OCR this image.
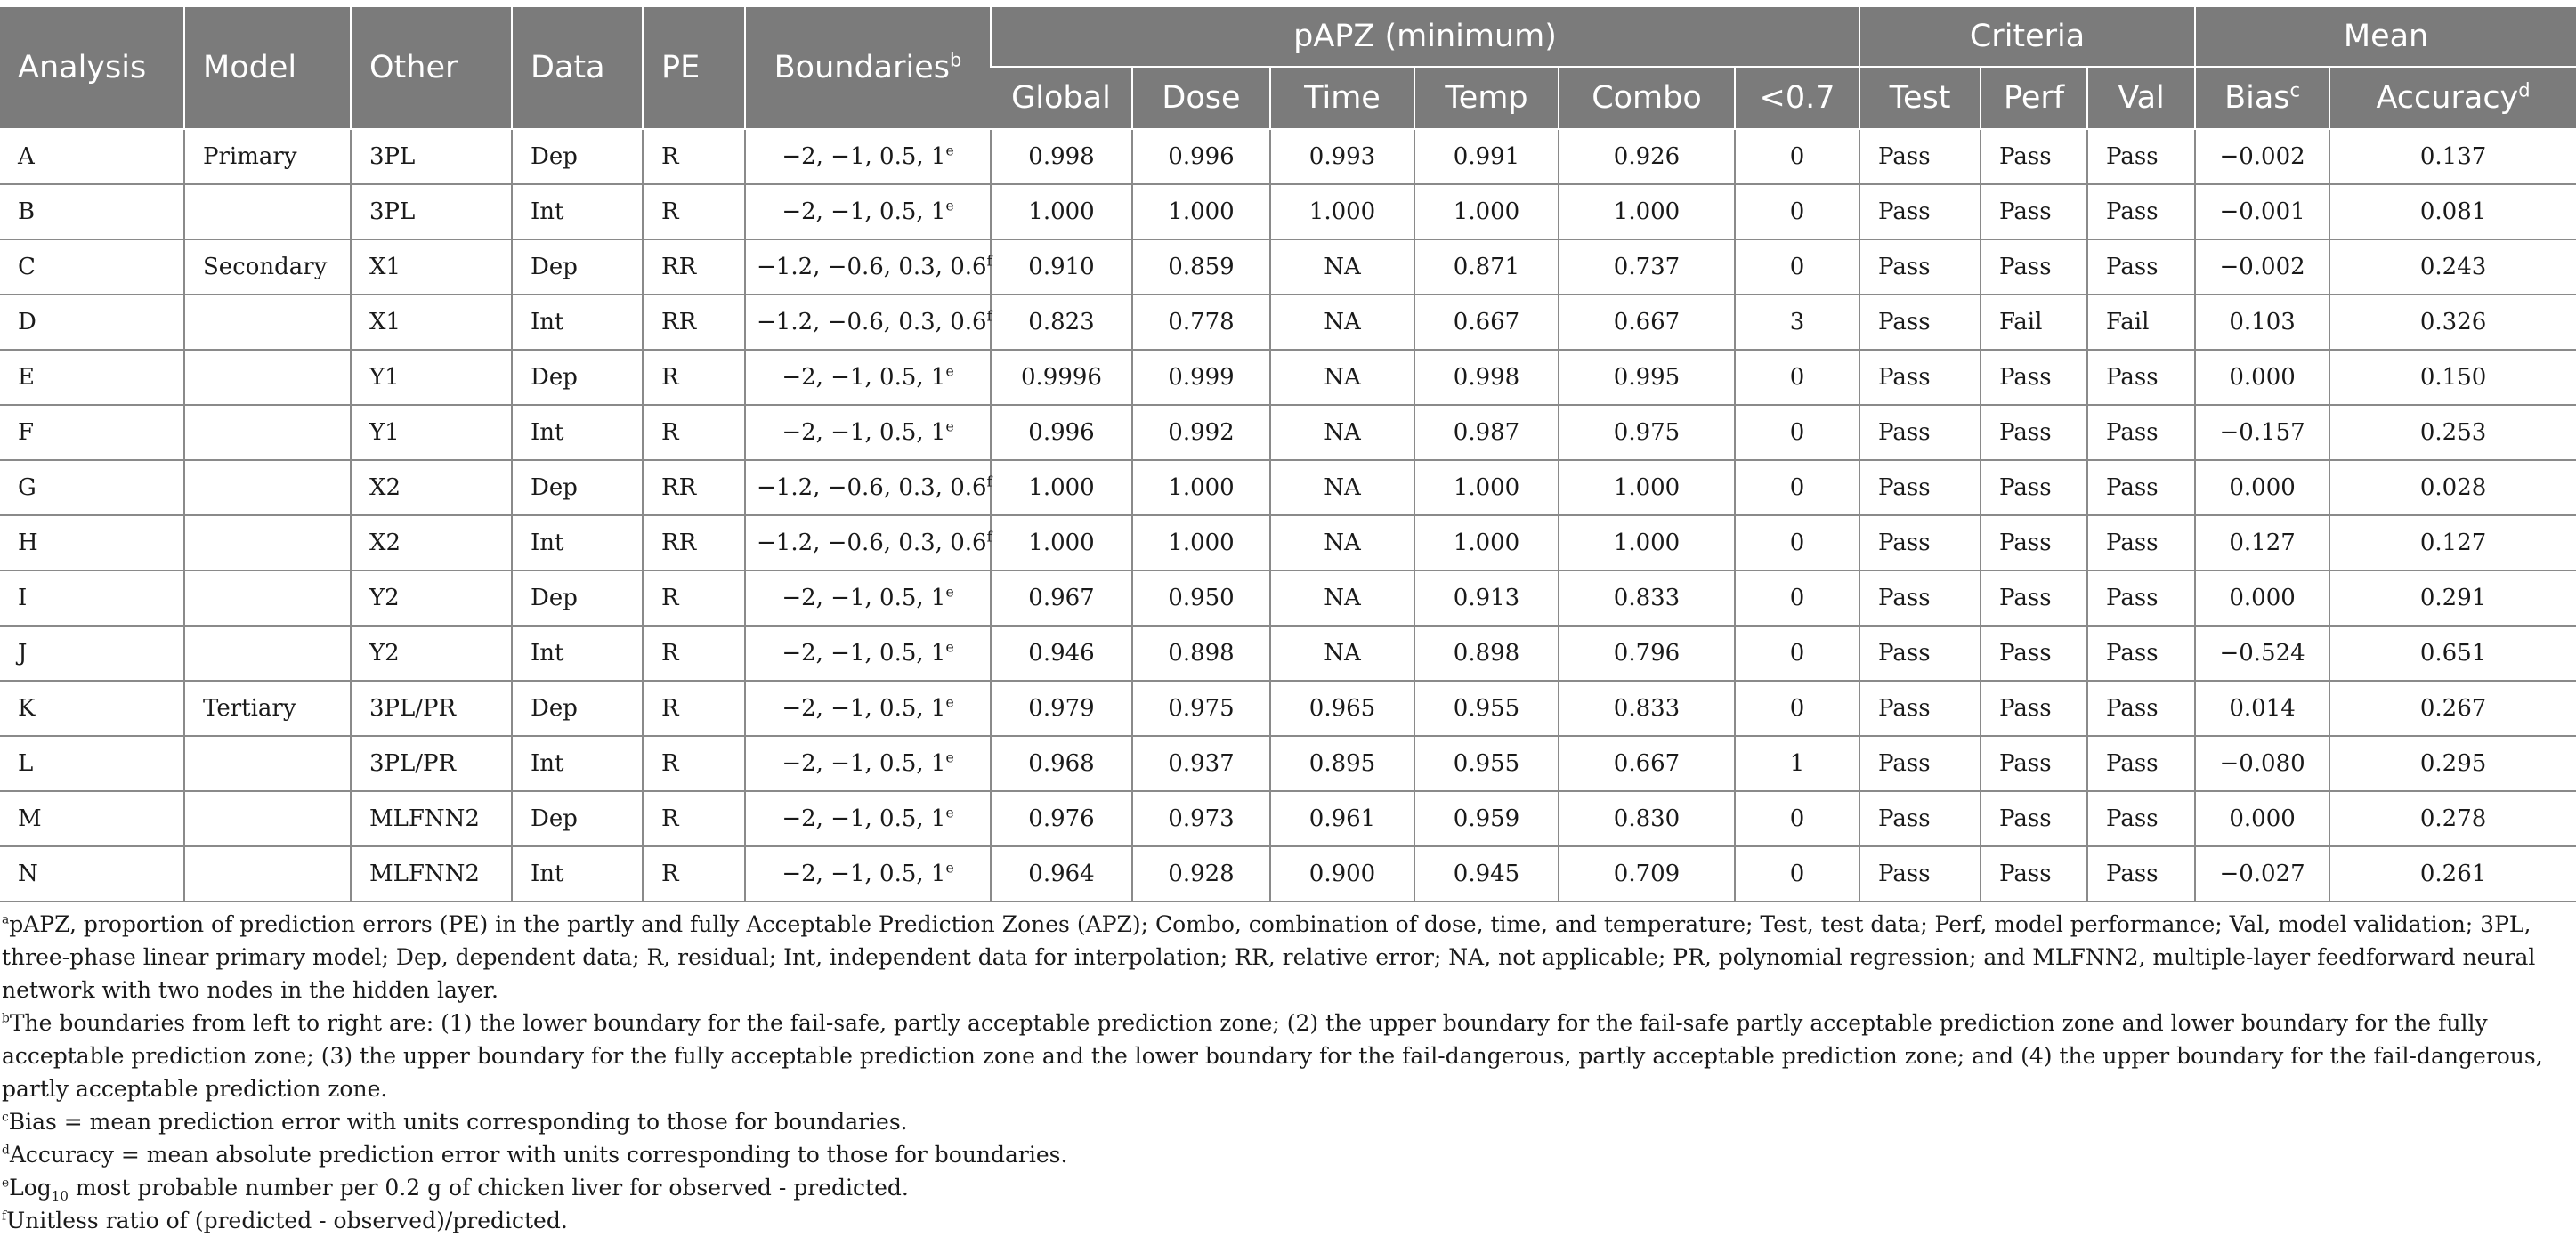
Analysis	Model	Other	Data	PE	Boundaries$^b$	pAPZ (minimum)						Criteria			Mean	
						Global	Dose	Time	Temp	Combo	<0.7	Test	Perf	Val	Bias$^c$	Accuracy$^d$
A	Primary	3PL	Dep	R	−2, −1, 0.5, 1e	0.998	0.996	0.993	0.991	0.926	0	Pass	Pass	Pass	−0.002	0.137
B		3PL	Int	R	−2, −1, 0.5, 1e	1.000	1.000	1.000	1.000	1.000	0	Pass	Pass	Pass	−0.001	0.081
C	Secondary	X1	Dep	RR	−1.2, −0.6, 0.3, 0.6$^f$	0.910	0.859	NA	0.871	0.737	0	Pass	Pass	Pass	−0.002	0.243
D		X1	Int	RR	−1.2, −0.6, 0.3, 0.6$^f$	0.823	0.778	NA	0.667	0.667	3	Pass	Fail	Fail	0.103	0.326
E		Y1	Dep	R	−2, −1, 0.5, 1e	0.9996	0.999	NA	0.998	0.995	0	Pass	Pass	Pass	0.000	0.150
F		Y1	Int	R	−2, −1, 0.5, 1e	0.996	0.992	NA	0.987	0.975	0	Pass	Pass	Pass	−0.157	0.253
G		X2	Dep	RR	−1.2, −0.6, 0.3, 0.6$^f$	1.000	1.000	NA	1.000	1.000	0	Pass	Pass	Pass	0.000	0.028
H		X2	Int	RR	−1.2, −0.6, 0.3, 0.6$^f$	1.000	1.000	NA	1.000	1.000	0	Pass	Pass	Pass	0.127	0.127
I		Y2	Dep	R	−2, −1, 0.5, 1e	0.967	0.950	NA	0.913	0.833	0	Pass	Pass	Pass	0.000	0.291
J		Y2	Int	R	−2, −1, 0.5, 1e	0.946	0.898	NA	0.898	0.796	0	Pass	Pass	Pass	−0.524	0.651
K	Tertiary	3PL/PR	Dep	R	−2, −1, 0.5, 1e	0.979	0.975	0.965	0.955	0.833	0	Pass	Pass	Pass	0.014	0.267
L		3PL/PR	Int	R	−2, −1, 0.5, 1e	0.968	0.937	0.895	0.955	0.667	1	Pass	Pass	Pass	−0.080	0.295
M		MLFNN2	Dep	R	−2, −1, 0.5, 1e	0.976	0.973	0.961	0.959	0.830	0	Pass	Pass	Pass	0.000	0.278
N		MLFNN2	Int	R	−2, −1, 0.5, 1e	0.964	0.928	0.900	0.945	0.709	0	Pass	Pass	Pass	−0.027	0.261

$^a$pAPZ, proportion of prediction errors (PE) in the partly and fully Acceptable Prediction Zones (APZ); Combo, combination of dose, time, and temperature; Test, test data; Perf, model performance; Val, model validation; 3PL, three-phase linear primary model; Dep, dependent data; R, residual; Int, independent data for interpolation; RR, relative error; NA, not applicable; PR, polynomial regression; and MLFNN2, multiple-layer feedforward neural network with two nodes in the hidden layer.

$^b$The boundaries from left to right are: (1) the lower boundary for the fail-safe, partly acceptable prediction zone; (2) the upper boundary for the fail-safe partly acceptable prediction zone and lower boundary for the fully acceptable prediction zone; (3) the upper boundary for the fully acceptable prediction zone and the lower boundary for the fail-dangerous, partly acceptable prediction zone; and (4) the upper boundary for the fail-dangerous, partly acceptable prediction zone.

$^c$Bias = mean prediction error with units corresponding to those for boundaries.

$^d$Accuracy = mean absolute prediction error with units corresponding to those for boundaries.

$^e$Log$_{10}$ most probable number per 0.2 g of chicken liver for observed - predicted.

$^f$Unitless ratio of (predicted - observed)/predicted.
